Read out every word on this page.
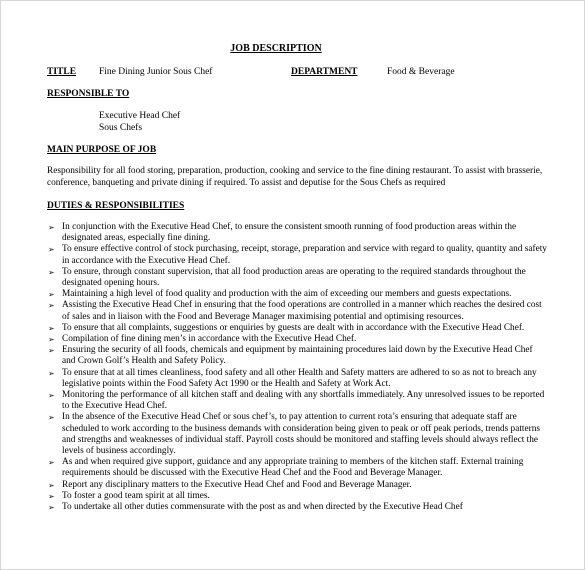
JOB DESCRIPTION
TITLE Fine Dining Junior Sous Chef	DEPARTMENT	Food & Beverage
RESPONSIBLE TO
Executive Head Chef
Sous Chefs
MAIN PURPOSE OF JOB
Responsibility for all food storing, preparation, production, cooking and service to the fine dining restaurant. To assist with brasserie, conference, banqueting and private dining if required. To assist and deputise for the Sous Chefs as required
DUTIES & RESPONSIBILITIES
➢ In conjunction with the Executive Head Chef, to ensure the consistent smooth running of food production areas within the designated areas, especially fine dining.
➢ To ensure effective control of stock purchasing, receipt, storage, preparation and service with regard to quality, quantity and safety in accordance with the Executive Head Chef.
➢ To ensure, through constant supervision, that all food production areas are operating to the required standards throughout the designated opening hours.
➢ Maintaining a high level of food quality and production with the aim of exceeding our members and guests expectations.
➢ Assisting the Executive Head Chef in ensuring that the food operations are controlled in a manner which reaches the desired cost of sales and in liaison with the Food and Beverage Manager maximising potential and optimising resources.
➢ To ensure that all complaints, suggestions or enquiries by guests are dealt with in accordance with the Executive Head Chef.
➢ Compilation of fine dining men’s in accordance with the Executive Head Chef.
➢ Ensuring the security of all foods, chemicals and equipment by maintaining procedures laid down by the Executive Head Chef and Crown Golf’s Health and Safety Policy.
➢ To ensure that at all times cleanliness, food safety and all other Health and Safety matters are adhered to so as not to breach any legislative points within the Food Safety Act 1990 or the Health and Safety at Work Act.
➢ Monitoring the performance of all kitchen staff and dealing with any shortfalls immediately. Any unresolved issues to be reported to the Executive Head Chef.
➢ In the absence of the Executive Head Chef or sous chef’s, to pay attention to current rota’s ensuring that adequate staff are scheduled to work according to the business demands with consideration being given to peak or off peak periods, trends patterns and strengths and weaknesses of individual staff. Payroll costs should be monitored and staffing levels should always reflect the levels of business accordingly.
➢ As and when required give support, guidance and any appropriate training to members of the kitchen staff. External training requirements should be discussed with the Executive Head Chef and the Food and Beverage Manager.
➢ Report any disciplinary matters to the Executive Head Chef and Food and Beverage Manager.
➢ To foster a good team spirit at all times.
➢ To undertake all other duties commensurate with the post as and when directed by the Executive Head Chef
